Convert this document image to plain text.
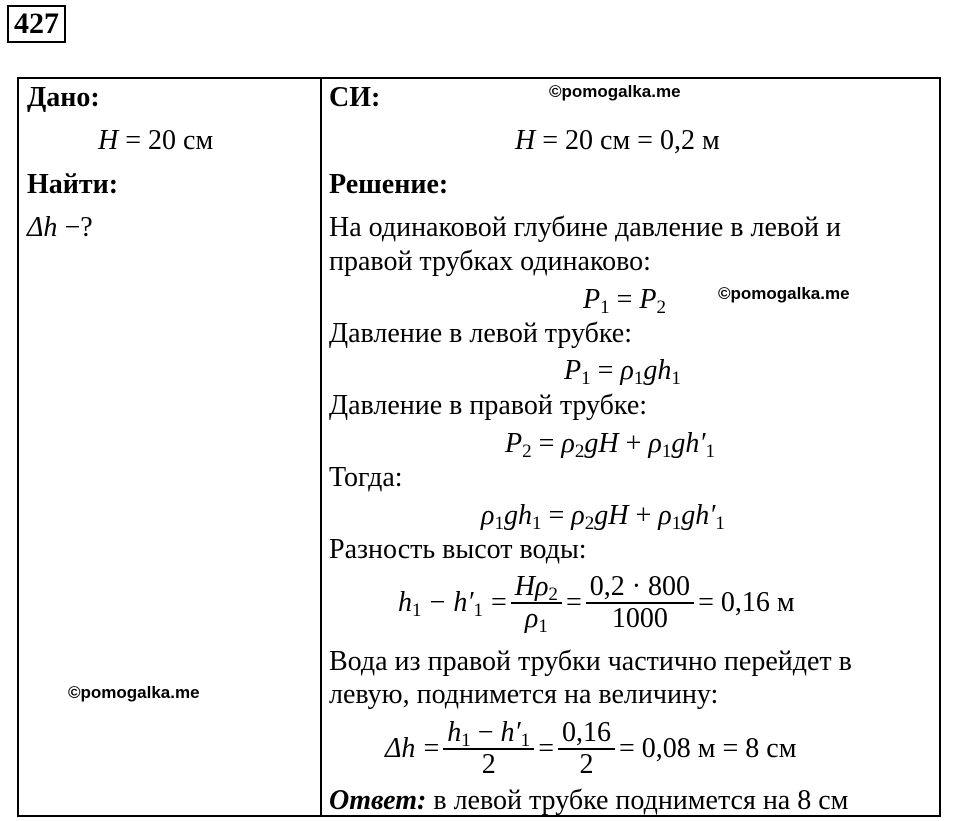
427
Дано:
H = 20 см
Найти:
Δh −?
СИ:
H = 20 см = 0,2 м
Решение:
На одинаковой глубине давление в левой и
правой трубках одинаково:
$P_1 = P_2$
Давление в левой трубке:
$P_1 = \rho_1gh_1$
Давление в правой трубке:
$P_2 = \rho_2gH + \rho_1gh'_1$
Тогда:
$\rho_1gh_1 = \rho_2gH + \rho_1gh'_1$
Разность высот воды:
$h_1 - h'_1 = \frac{H\rho_2}{\rho_1} = \frac{0,2 \cdot 800}{1000} = 0,16$ м
Вода из правой трубки частично перейдет в
левую, поднимется на величину:
$\Delta h = \frac{h_1 - h'_1}{2} = \frac{0,16}{2} = 0,08$ м = 8 см
Ответ: в левой трубке поднимется на 8 см
©pomogalka.me
©pomogalka.me
©pomogalka.me
